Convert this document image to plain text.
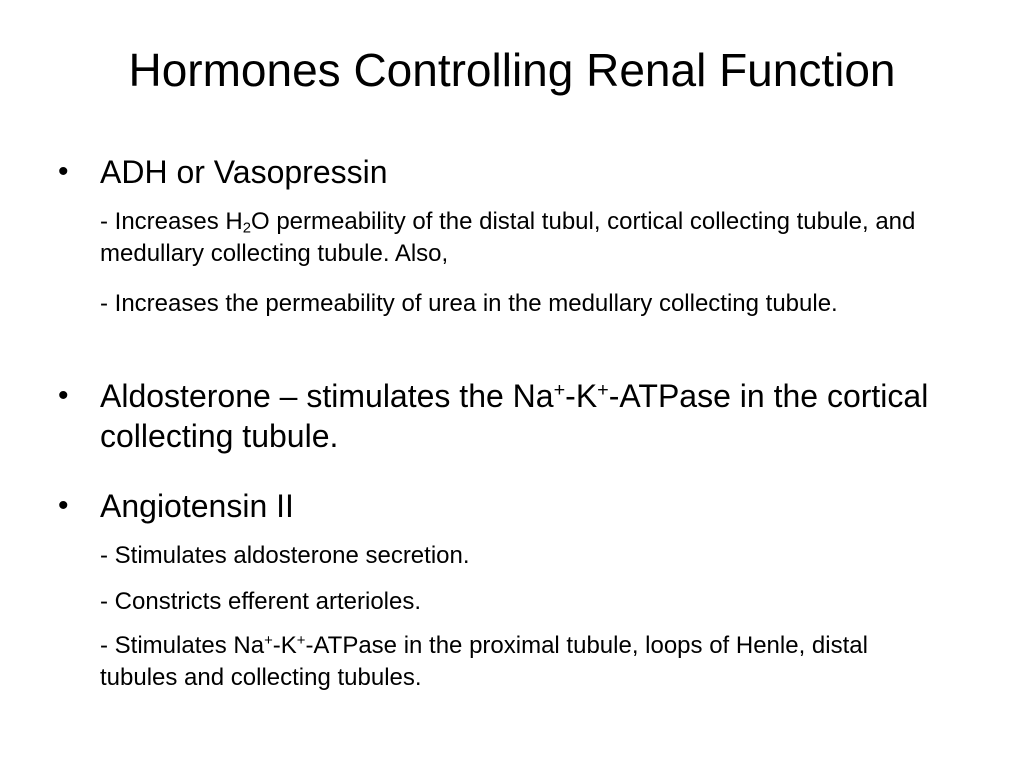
Hormones Controlling Renal Function
• ADH or Vasopressin
- Increases $H_2O$ permeability of the distal tubul, cortical collecting tubule, and medullary collecting tubule. Also,
- Increases the permeability of urea in the medullary collecting tubule.
• Aldosterone – stimulates the Na+-K+-ATPase in the cortical collecting tubule.
• Angiotensin II
- Stimulates aldosterone secretion.
- Constricts efferent arterioles.
- Stimulates Na+-K+-ATPase in the proximal tubule, loops of Henle, distal tubules and collecting tubules.
